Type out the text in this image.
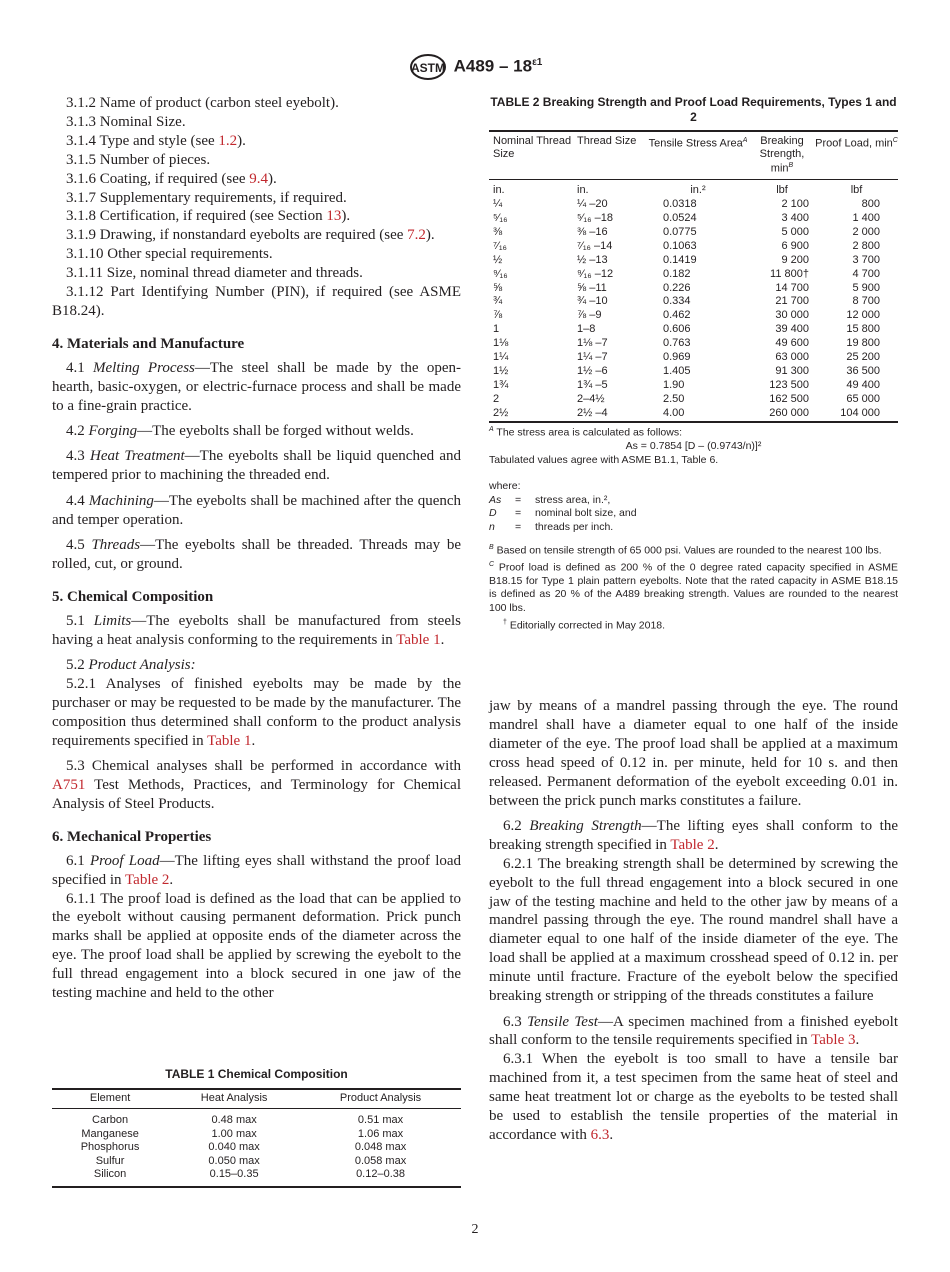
ASTM $A489 - 18^{\varepsilon 1}$

3.1.2 Name of product (carbon steel eyebolt).

3.1.3 Nominal Size.

3.1.4 Type and style (see 1.2).

3.1.5 Number of pieces.

3.1.6 Coating, if required (see 9.4).

3.1.7 Supplementary requirements, if required.

3.1.8 Certification, if required (see Section 13).

3.1.9 Drawing, if nonstandard eyebolts are required (see 7.2).

3.1.10 Other special requirements.

3.1.11 Size, nominal thread diameter and threads.

3.1.12 Part Identifying Number (PIN), if required (see ASME B18.24).

4. Materials and Manufacture

4.1 Melting Process—The steel shall be made by the open-hearth, basic-oxygen, or electric-furnace process and shall be made to a fine-grain practice.

4.2 Forging—The eyebolts shall be forged without welds.

4.3 Heat Treatment—The eyebolts shall be liquid quenched and tempered prior to machining the threaded end.

4.4 Machining—The eyebolts shall be machined after the quench and temper operation.

4.5 Threads—The eyebolts shall be threaded. Threads may be rolled, cut, or ground.

5. Chemical Composition

5.1 Limits—The eyebolts shall be manufactured from steels having a heat analysis conforming to the requirements in Table 1.

5.2 Product Analysis:

5.2.1 Analyses of finished eyebolts may be made by the purchaser or may be requested to be made by the manufacturer. The composition thus determined shall conform to the product analysis requirements specified in Table 1.

5.3 Chemical analyses shall be performed in accordance with A751 Test Methods, Practices, and Terminology for Chemical Analysis of Steel Products.

6. Mechanical Properties

6.1 Proof Load—The lifting eyes shall withstand the proof load specified in Table 2.

6.1.1 The proof load is defined as the load that can be applied to the eyebolt without causing permanent deformation. Prick punch marks shall be applied at opposite ends of the diameter across the eye. The proof load shall be applied by screwing the eyebolt to the full thread engagement into a block secured in one jaw of the testing machine and held to the other

TABLE 1 Chemical Composition
Element	Heat Analysis	Product Analysis
Carbon	0.48 max	0.51 max
Manganese	1.00 max	1.06 max
Phosphorus	0.040 max	0.048 max
Sulfur	0.050 max	0.058 max
Silicon	0.15–0.35	0.12–0.38
TABLE 2 Breaking Strength and Proof Load Requirements, Types 1 and 2
Nominal Thread Size	Thread Size	Tensile Stress Area$^A$	Breaking Strength, $\min^B$	Proof Load, $\min^C$
in.	in.	in.²	lbf	lbf
¼	¼ –20	0.0318	2 100	800
⁵⁄₁₆	⁵⁄₁₆ –18	0.0524	3 400	1 400
⅜	⅜ –16	0.0775	5 000	2 000
⁷⁄₁₆	⁷⁄₁₆ –14	0.1063	6 900	2 800
½	½ –13	0.1419	9 200	3 700
⁹⁄₁₆	⁹⁄₁₆ –12	0.182	11 800†	4 700
⅝	⅝ –11	0.226	14 700	5 900
¾	¾ –10	0.334	21 700	8 700
⅞	⅞ –9	0.462	30 000	12 000
1	1–8	0.606	39 400	15 800
1⅛	1⅛ –7	0.763	49 600	19 800
1¼	1¼ –7	0.969	63 000	25 200
1½	1½ –6	1.405	91 300	36 500
1¾	1¾ –5	1.90	123 500	49 400
2	2–4½	2.50	162 500	65 000
2½	2½ –4	4.00	260 000	104 000

$^A$ The stress area is calculated as follows:

As = 0.7854 [D – (0.9743/n)]²

Tabulated values agree with ASME B1.1, Table 6.

where:

As	=	stress area, in.²,
D	=	nominal bolt size, and
n	=	threads per inch.

$^B$ Based on tensile strength of 65 000 psi. Values are rounded to the nearest 100 lbs.

$^C$ Proof load is defined as 200 % of the 0 degree rated capacity specified in ASME B18.15 for Type 1 plain pattern eyebolts. Note that the rated capacity in ASME B18.15 is defined as 20 % of the A489 breaking strength. Values are rounded to the nearest 100 lbs.

† Editorially corrected in May 2018.

jaw by means of a mandrel passing through the eye. The round mandrel shall have a diameter equal to one half of the inside diameter of the eye. The proof load shall be applied at a maximum cross head speed of 0.12 in. per minute, held for 10 s. and then released. Permanent deformation of the eyebolt exceeding 0.01 in. between the prick punch marks constitutes a failure.

6.2 Breaking Strength—The lifting eyes shall conform to the breaking strength specified in Table 2.

6.2.1 The breaking strength shall be determined by screwing the eyebolt to the full thread engagement into a block secured in one jaw of the testing machine and held to the other jaw by means of a mandrel passing through the eye. The round mandrel shall have a diameter equal to one half of the inside diameter of the eye. The load shall be applied at a maximum crosshead speed of 0.12 in. per minute until fracture. Fracture of the eyebolt below the specified breaking strength or stripping of the threads constitutes a failure

6.3 Tensile Test—A specimen machined from a finished eyebolt shall conform to the tensile requirements specified in Table 3.

6.3.1 When the eyebolt is too small to have a tensile bar machined from it, a test specimen from the same heat of steel and same heat treatment lot or charge as the eyebolts to be tested shall be used to establish the tensile properties of the material in accordance with 6.3.

2
